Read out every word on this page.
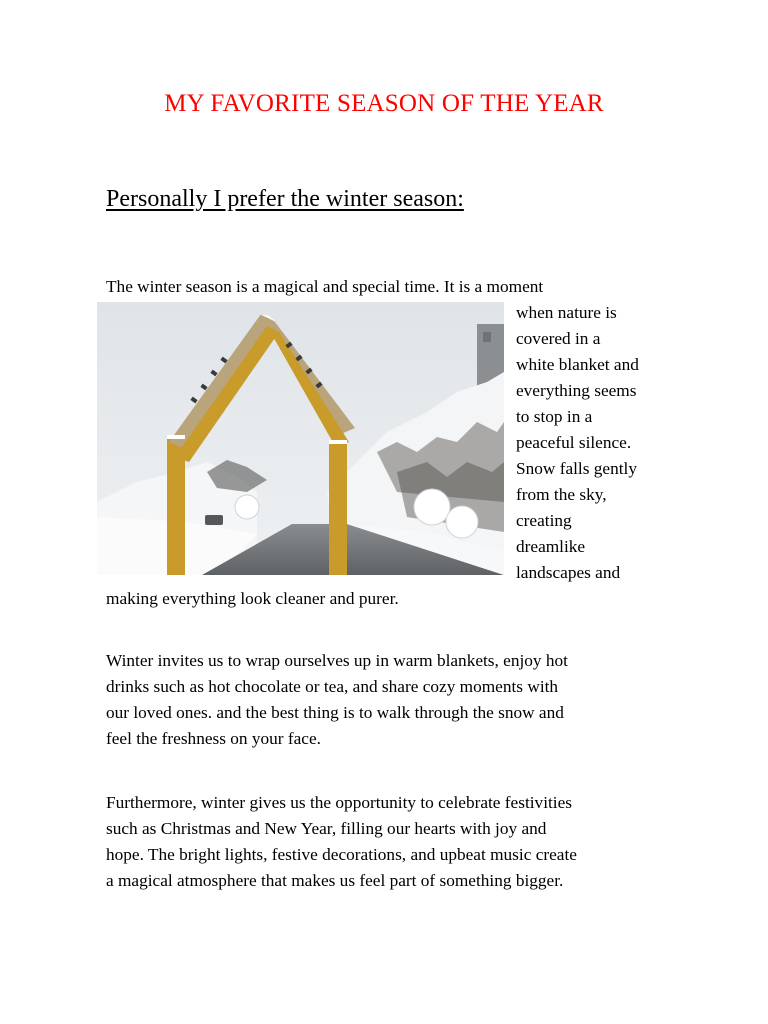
MY FAVORITE SEASON OF THE YEAR
Personally I prefer the winter season:

The winter season is a magical and special time. It is a moment

when nature is
covered in a
white blanket and
everything seems
to stop in a
peaceful silence.
Snow falls gently
from the sky,
creating
dreamlike
landscapes and

making everything look cleaner and purer.

Winter invites us to wrap ourselves up in warm blankets, enjoy hot
drinks such as hot chocolate or tea, and share cozy moments with
our loved ones. and the best thing is to walk through the snow and
feel the freshness on your face.
Furthermore, winter gives us the opportunity to celebrate festivities
such as Christmas and New Year, filling our hearts with joy and
hope. The bright lights, festive decorations, and upbeat music create
a magical atmosphere that makes us feel part of something bigger.
